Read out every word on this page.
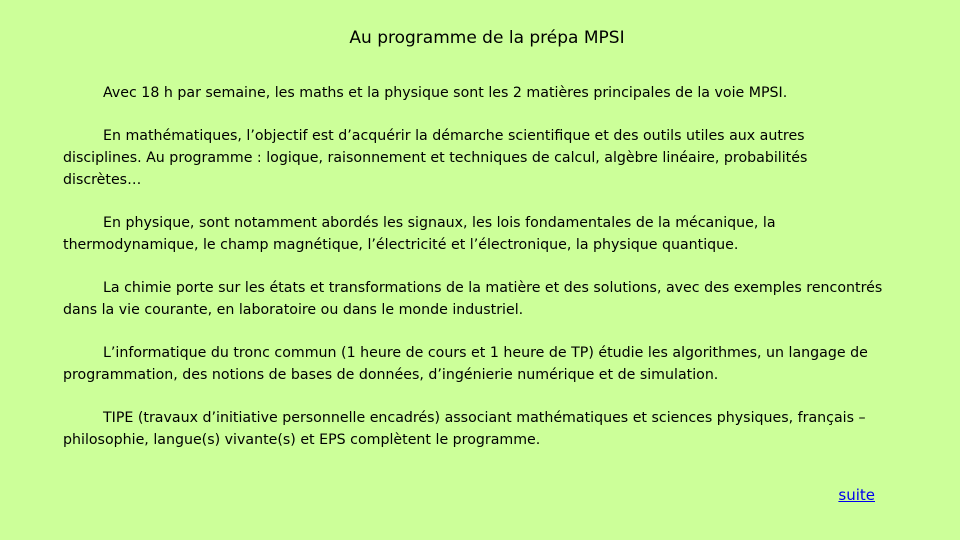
Au programme de la prépa MPSI

Avec 18 h par semaine, les maths et la physique sont les 2 matières principales de la voie MPSI.

En mathématiques, l’objectif est d’acquérir la démarche scientifique et des outils utiles aux autres disciplines. Au programme : logique, raisonnement et techniques de calcul, algèbre linéaire, probabilités discrètes…

En physique, sont notamment abordés les signaux, les lois fondamentales de la mécanique, la thermodynamique, le champ magnétique, l’électricité et l’électronique, la physique quantique.

La chimie porte sur les états et transformations de la matière et des solutions, avec des exemples rencontrés dans la vie courante, en laboratoire ou dans le monde industriel.

L’informatique du tronc commun (1 heure de cours et 1 heure de TP) étudie les algorithmes, un langage de programmation, des notions de bases de données, d’ingénierie numérique et de simulation.

TIPE (travaux d’initiative personnelle encadrés) associant mathématiques et sciences physiques, français – philosophie, langue(s) vivante(s) et EPS complètent le programme.

suite
